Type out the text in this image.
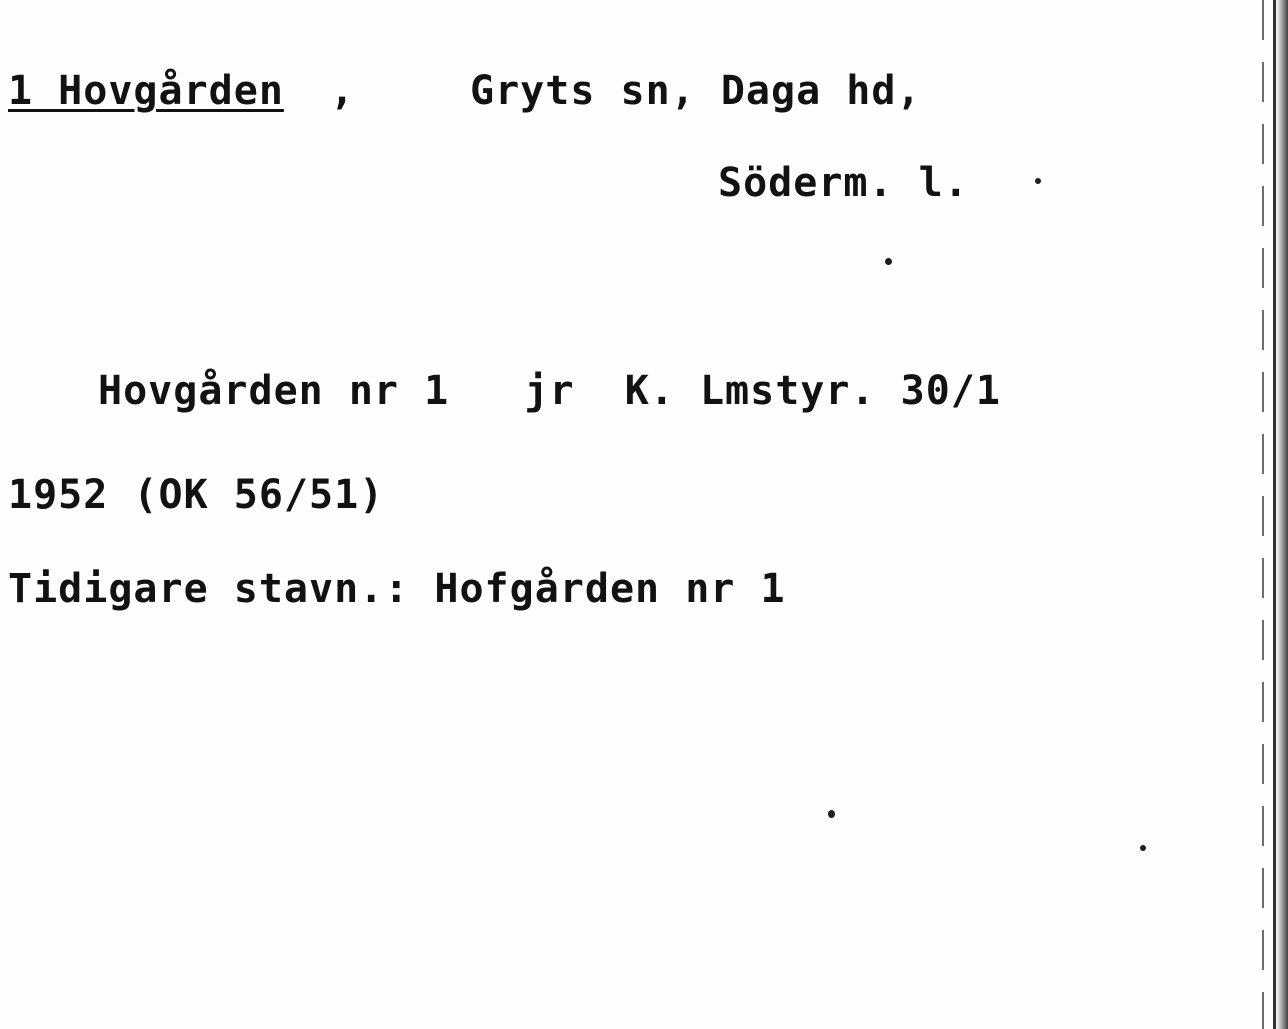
1 Hovgården ,	Gryts sn, Daga hd,
Söderm. l.
Hovgården nr 1   jr  K. Lmstyr. 30/1
1952 (OK 56/51)
Tidigare stavn.: Hofgården nr 1
